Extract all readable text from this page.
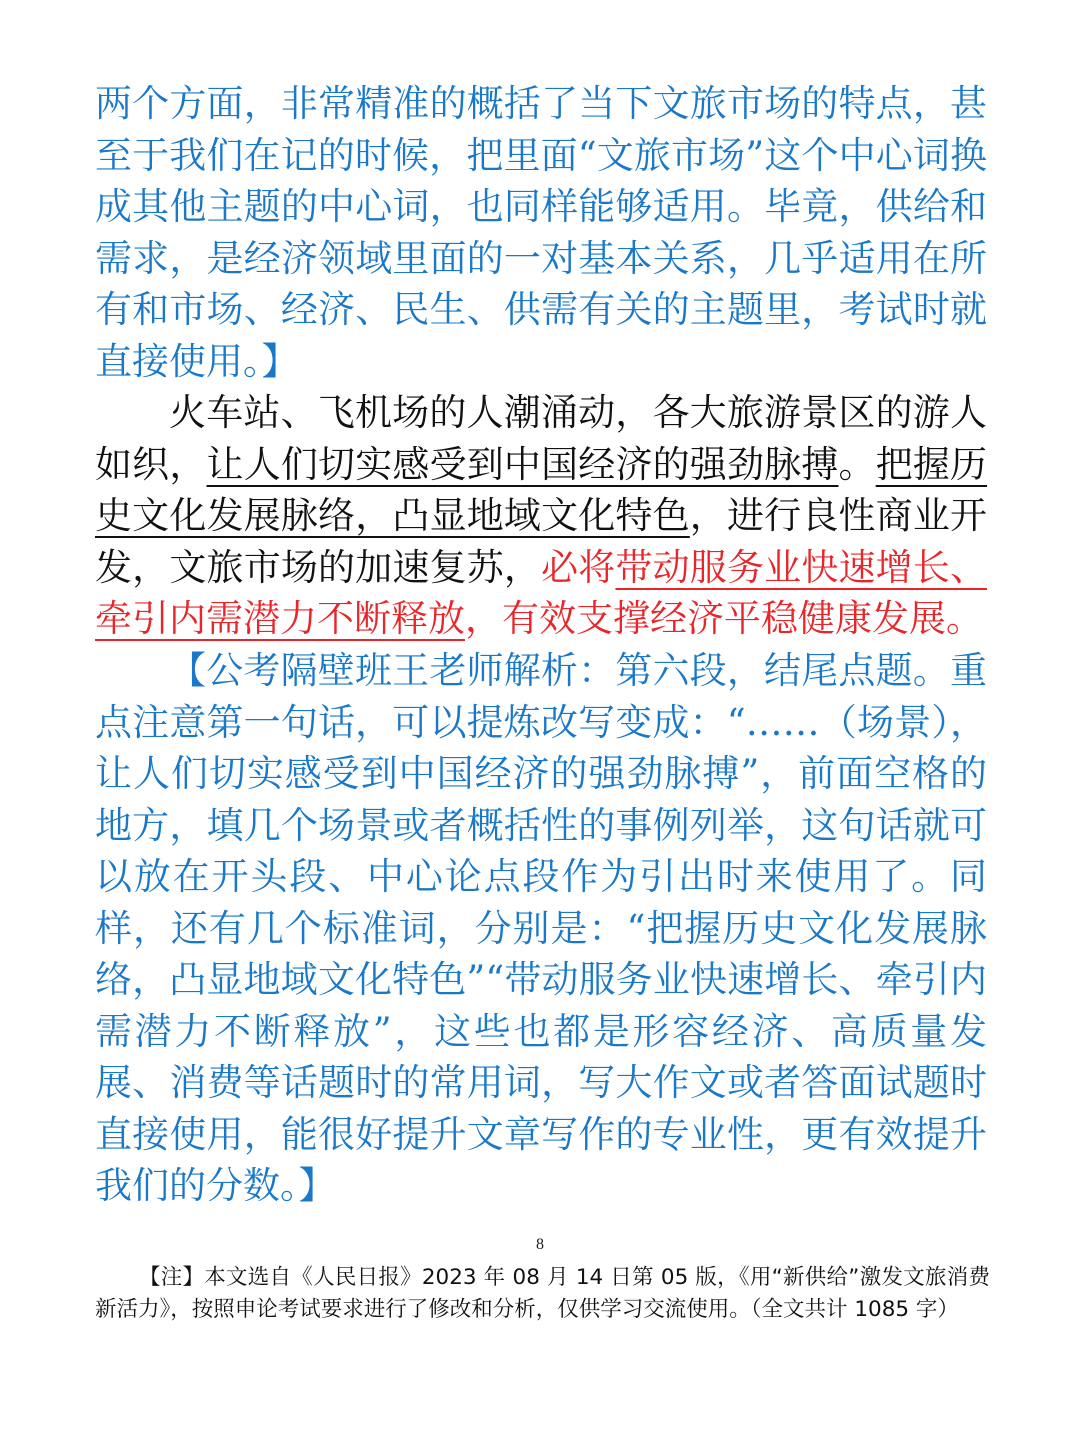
两个方面，非常精准的概括了当下文旅市场的特点，甚至于我们在记的时候，把里面“文旅市场”这个中心词换成其他主题的中心词，也同样能够适用。毕竟，供给和需求，是经济领域里面的一对基本关系，几乎适用在所有和市场、经济、民生、供需有关的主题里，考试时就直接使用。】
火车站、飞机场的人潮涌动，各大旅游景区的游人如织，让人们切实感受到中国经济的强劲脉搏。把握历史文化发展脉络，凸显地域文化特色，进行良性商业开发，文旅市场的加速复苏，必将带动服务业快速增长、牵引内需潜力不断释放，有效支撑经济平稳健康发展。
【公考隔壁班王老师解析：第六段，结尾点题。重点注意第一句话，可以提炼改写变成：“……（场景），让人们切实感受到中国经济的强劲脉搏”，前面空格的地方，填几个场景或者概括性的事例列举，这句话就可以放在开头段、中心论点段作为引出时来使用了。同样，还有几个标准词，分别是：“把握历史文化发展脉络，凸显地域文化特色”“带动服务业快速增长、牵引内需潜力不断释放”，这些也都是形容经济、高质量发展、消费等话题时的常用词，写大作文或者答面试题时直接使用，能很好提升文章写作的专业性，更有效提升我们的分数。】
8
【注】本文选自《人民日报》2023 年 08 月 14 日第 05 版，《用“新供给”激发文旅消费新活力》，按照申论考试要求进行了修改和分析，仅供学习交流使用。（全文共计 1085 字）
